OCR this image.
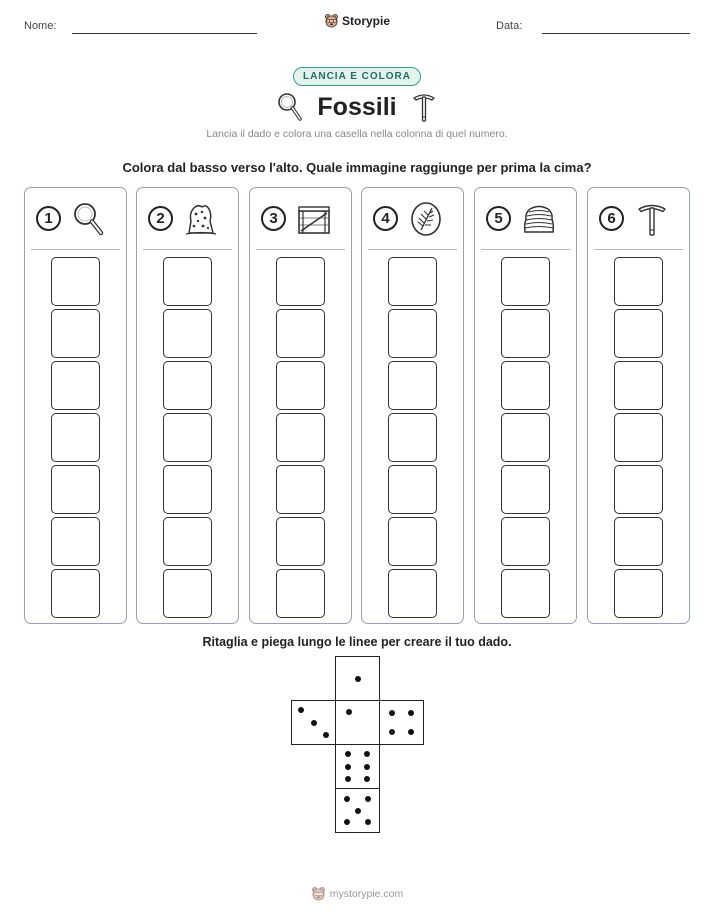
Nome:	Storypie	Data:
LANCIA E COLORA
Fossili
Lancia il dado e colora una casella nella colonna di quel numero.
Colora dal basso verso l'alto. Quale immagine raggiunge per prima la cima?
1	2	3	4	5	6
Ritaglia e piega lungo le linee per creare il tuo dado.
mystorypie.com
